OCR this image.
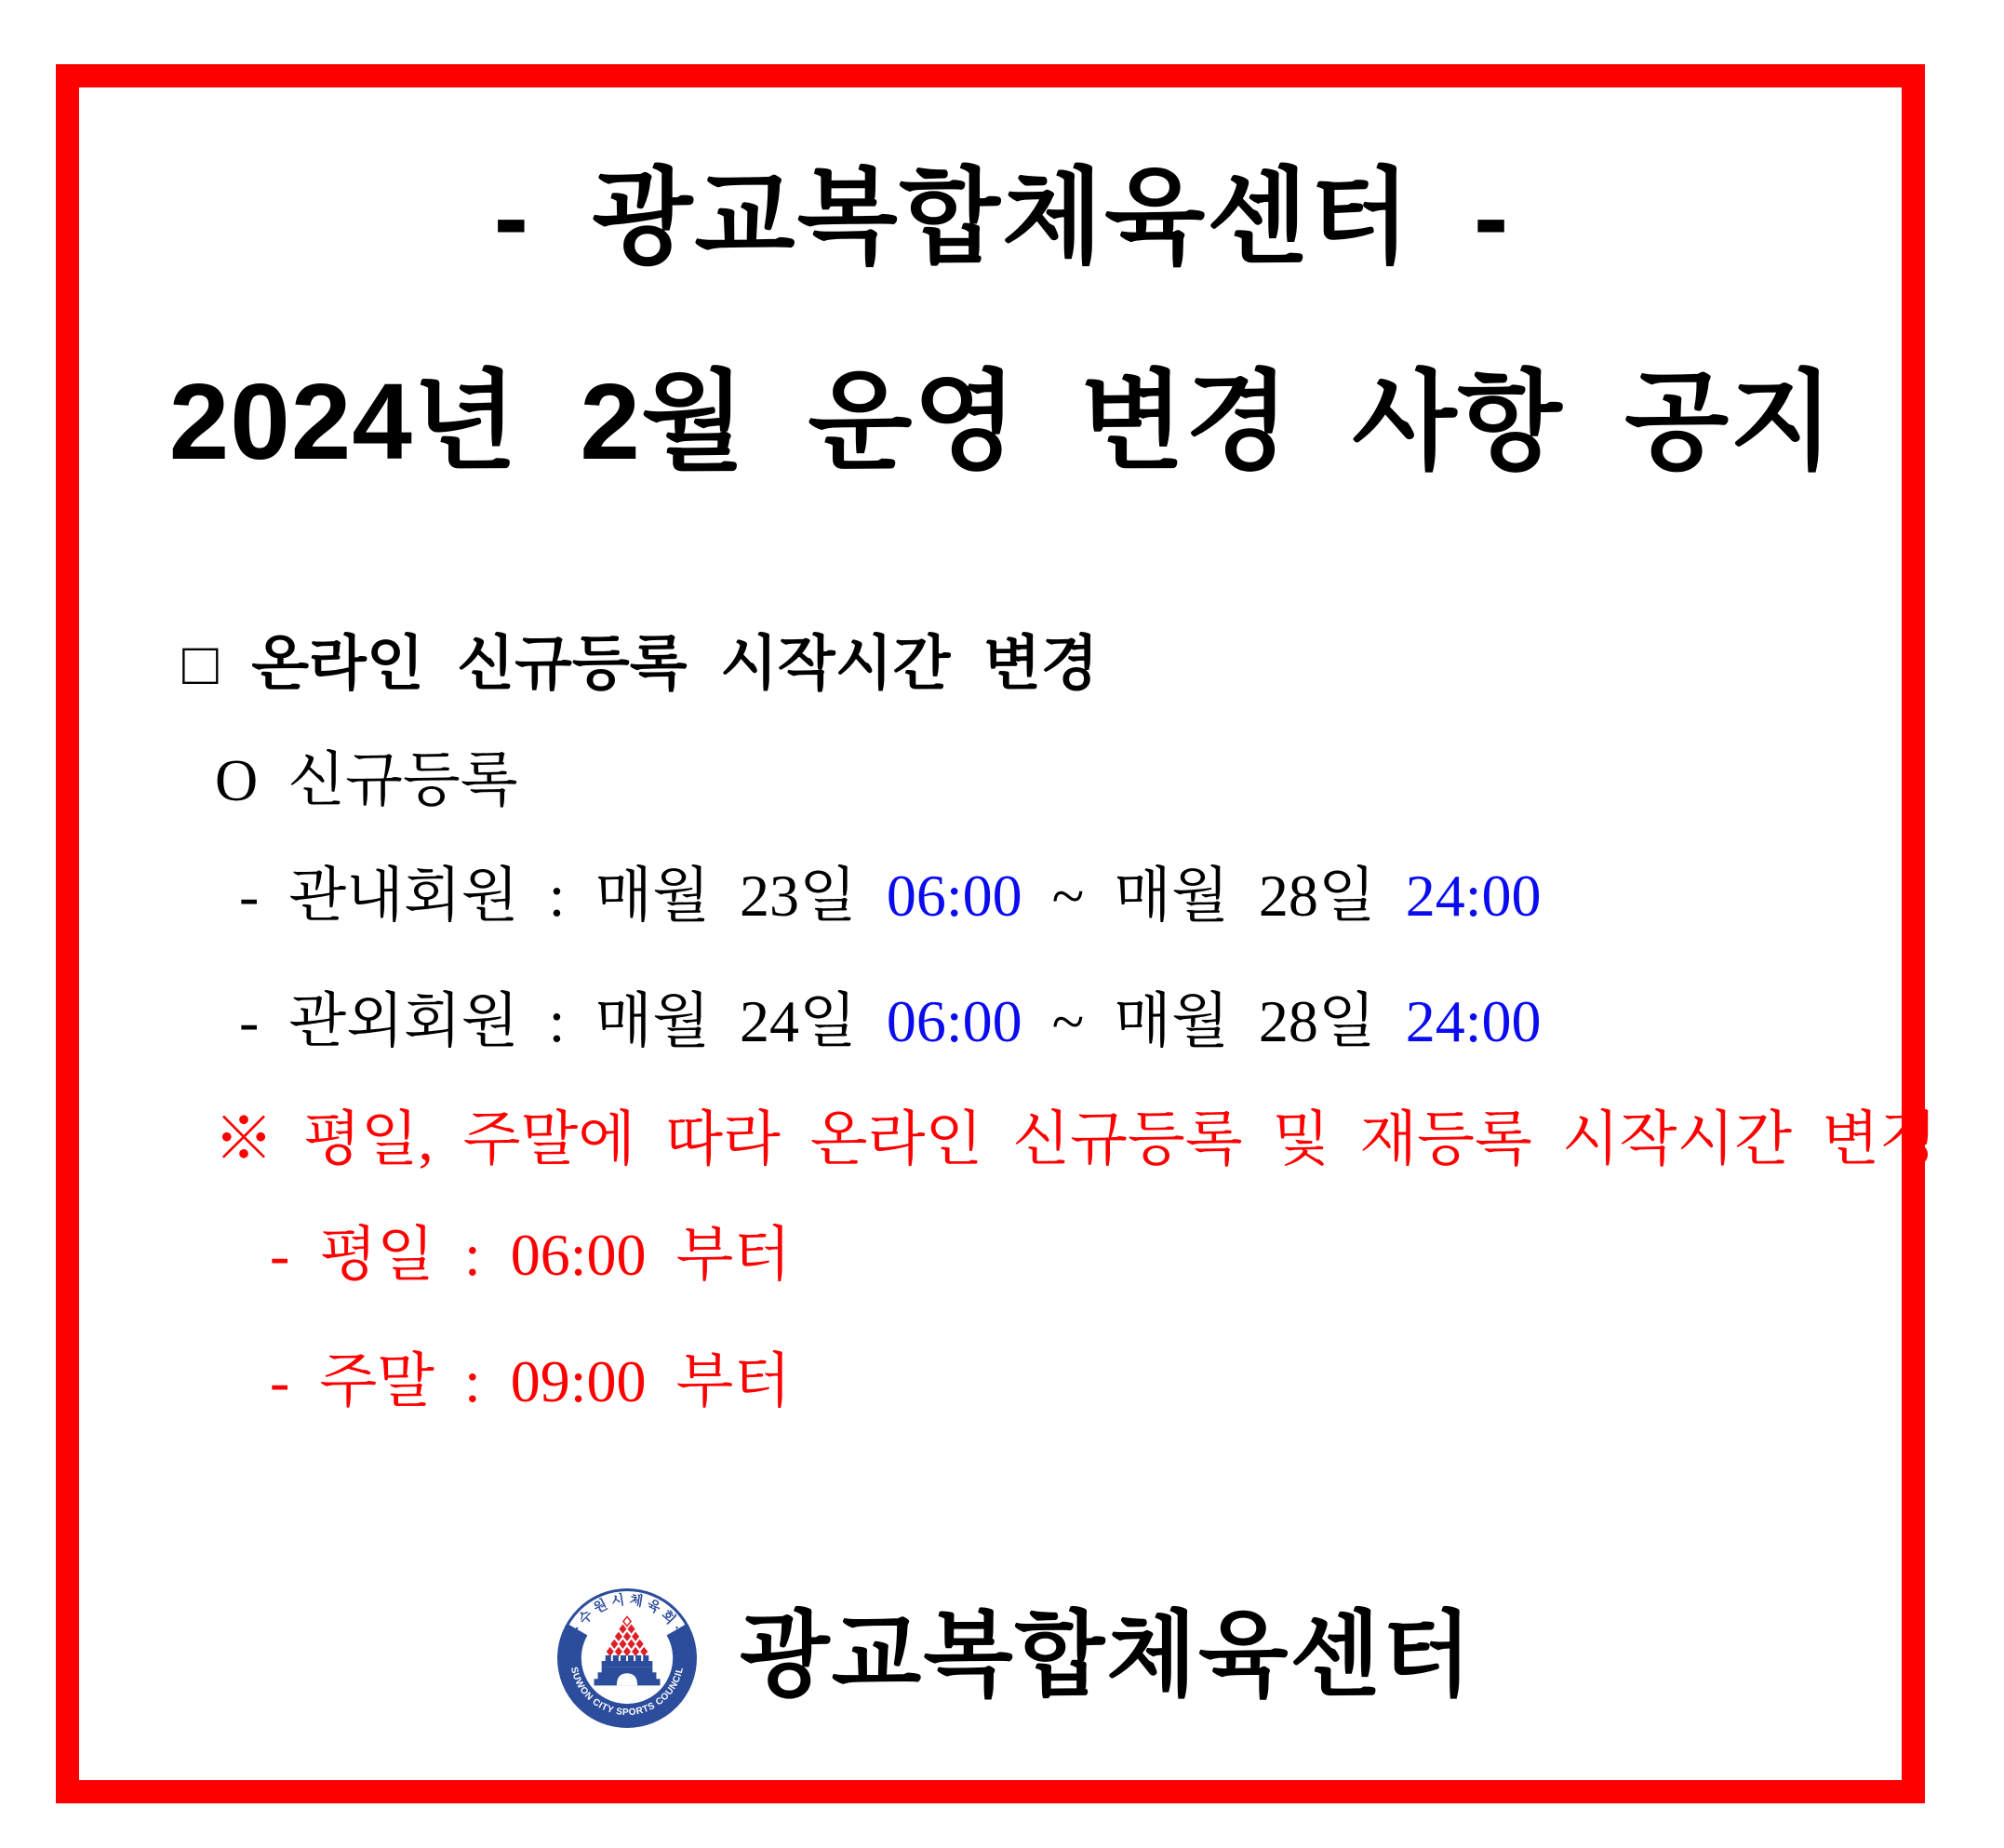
-  광교복합체육센터  -
2024년  2월  운영  변경  사항  공지
□  온라인  신규등록  시작시간  변경
O  신규등록
-  관내회원  :  매월  23일  06:00  ~  매월  28일  24:00
-  관외회원  :  매월  24일  06:00  ~  매월  28일  24:00
※  평일,  주말에  따라  온라인  신규등록  및  재등록  시작시간  변경
-  평일  :  06:00  부터
-  주말  :  09:00  부터
· 수 원 시 체 육 회 ·
SUWON CITY SPORTS COUNCIL 광교복합체육센터
